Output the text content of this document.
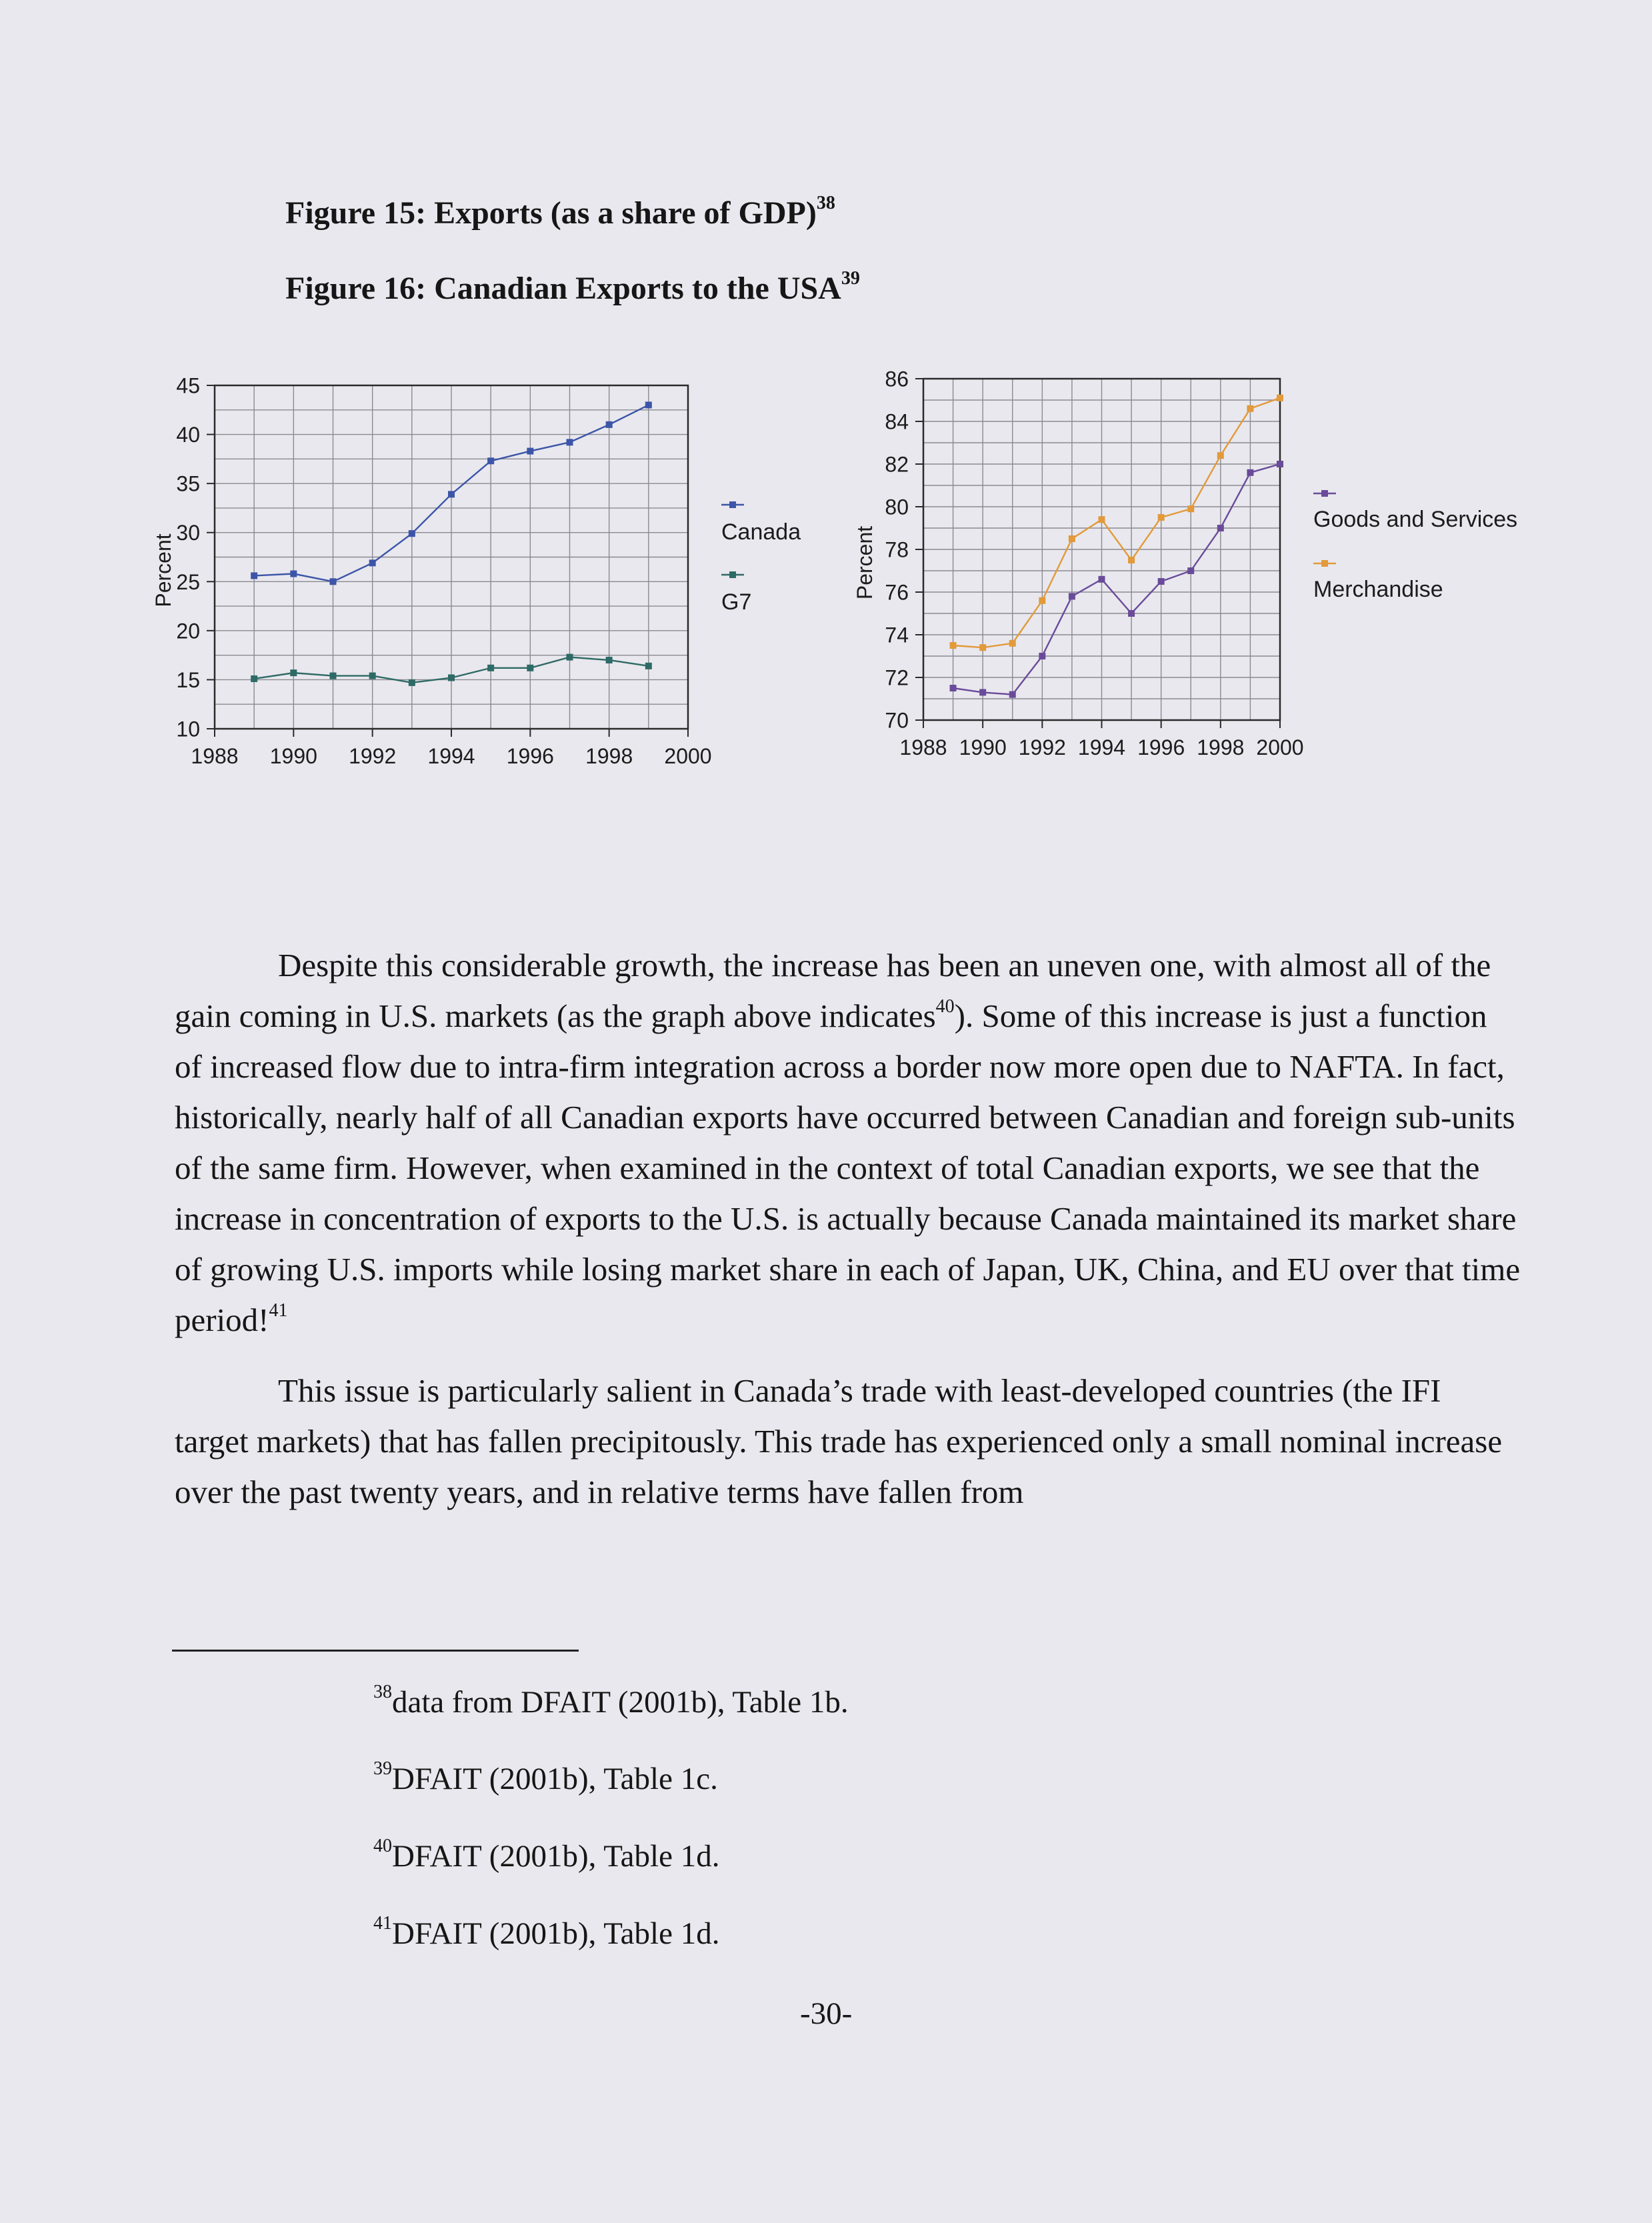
Figure 15: Exports (as a share of GDP)$^{38}$
Figure 16: Canadian Exports to the USA$^{39}$
10
15
20
25
30
35
40
45
1988 1990 1992 1994 1996 1998 2000
Percent
Canada
G7
70
72
74
76
78
80
82
84
86
1988 1990 1992 1994 1996 1998 2000
Percent
Goods and Services
Merchandise

Despite this considerable growth, the increase has been an uneven one, with almost all of the gain coming in U.S. markets (as the graph above indicates$^{40}$). Some of this increase is just a function of increased flow due to intra-firm integration across a border now more open due to NAFTA. In fact, historically, nearly half of all Canadian exports have occurred between Canadian and foreign sub-units of the same firm. However, when examined in the context of total Canadian exports, we see that the increase in concentration of exports to the U.S. is actually because Canada maintained its market share of growing U.S. imports while losing market share in each of Japan, UK, China, and EU over that time period!$^{41}$

This issue is particularly salient in Canada’s trade with least-developed countries (the IFI target markets) that has fallen precipitously. This trade has experienced only a small nominal increase over the past twenty years, and in relative terms have fallen from

$^{38}$data from DFAIT (2001b), Table 1b.
$^{39}$DFAIT (2001b), Table 1c.
$^{40}$DFAIT (2001b), Table 1d.
$^{41}$DFAIT (2001b), Table 1d.
-30-
